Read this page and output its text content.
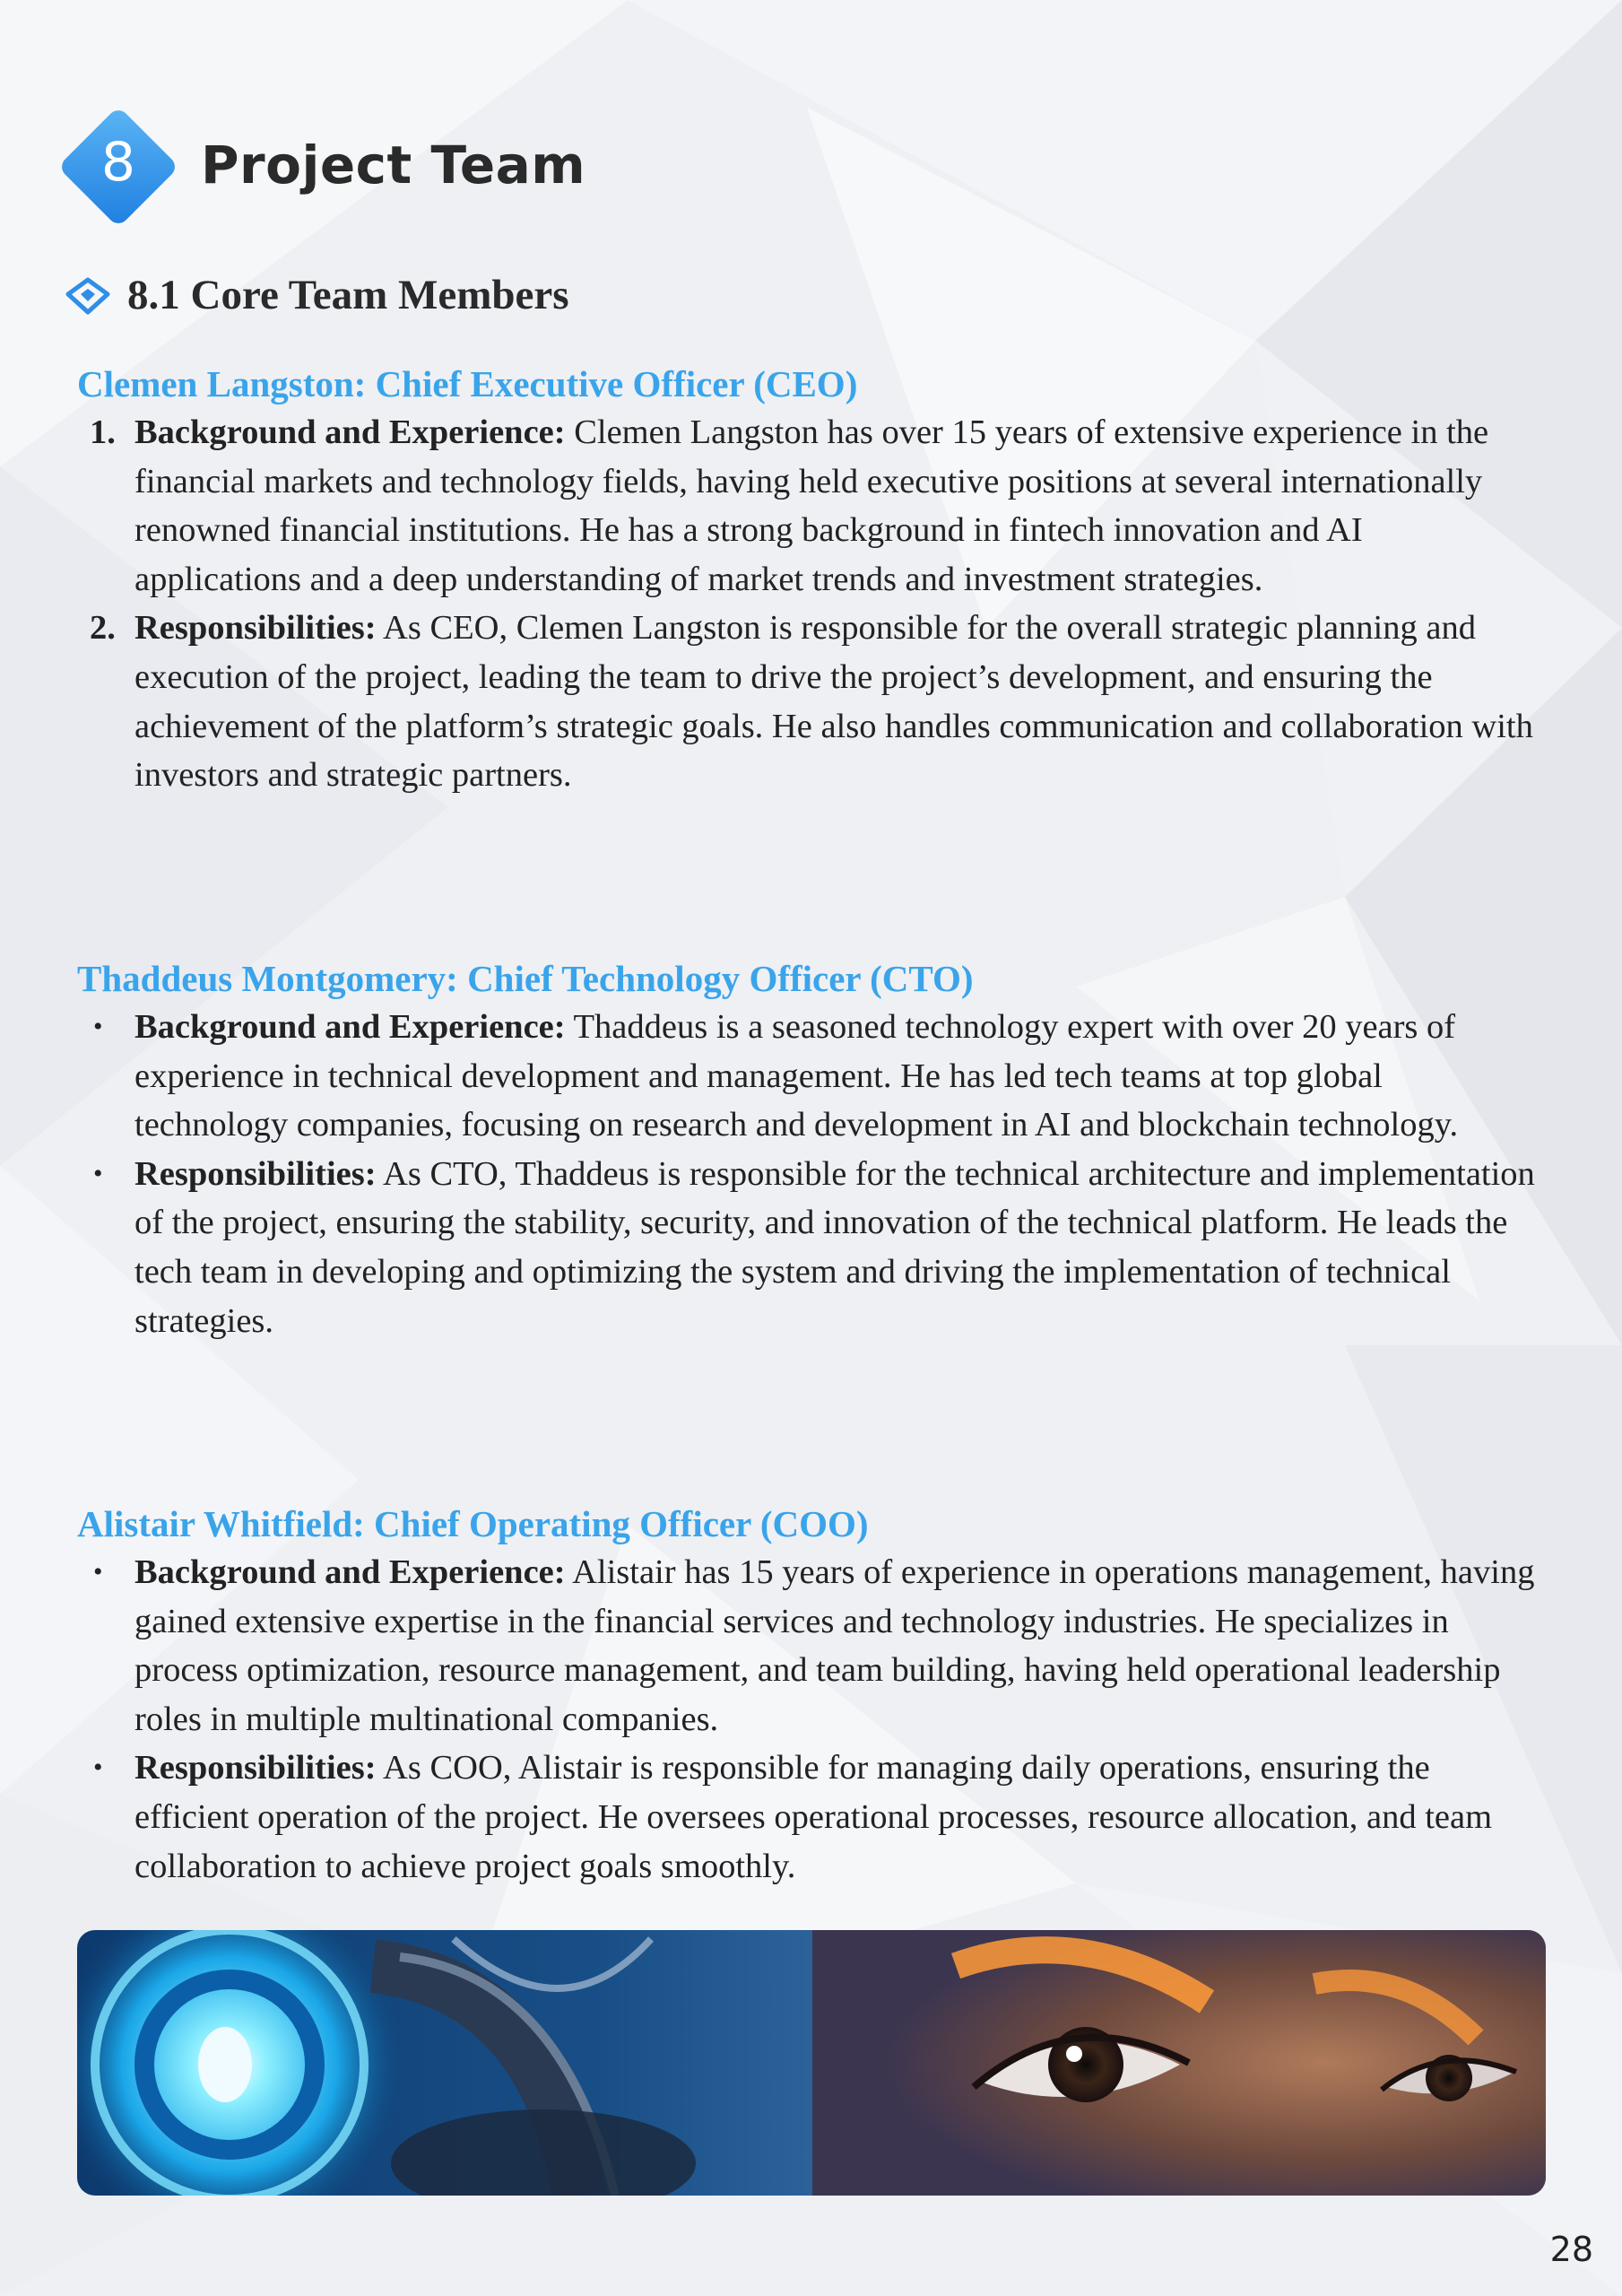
8	Project Team
8.1 Core Team Members
Clemen Langston: Chief Executive Officer (CEO)
1. Background and Experience: Clemen Langston has over 15 years of extensive experience in the financial markets and technology fields, having held executive positions at several internationally renowned financial institutions. He has a strong background in fintech innovation and AI applications and a deep understanding of market trends and investment strategies.
2. Responsibilities: As CEO, Clemen Langston is responsible for the overall strategic planning and execution of the project, leading the team to drive the project’s development, and ensuring the achievement of the platform’s strategic goals. He also handles communication and collaboration with investors and strategic partners.
Thaddeus Montgomery: Chief Technology Officer (CTO)
• Background and Experience: Thaddeus is a seasoned technology expert with over 20 years of experience in technical development and management. He has led tech teams at top global technology companies, focusing on research and development in AI and blockchain technology.
• Responsibilities: As CTO, Thaddeus is responsible for the technical architecture and implementation of the project, ensuring the stability, security, and innovation of the technical platform. He leads the tech team in developing and optimizing the system and driving the implementation of technical strategies.
Alistair Whitfield: Chief Operating Officer (COO)
• Background and Experience: Alistair has 15 years of experience in operations management, having gained extensive expertise in the financial services and technology industries. He specializes in process optimization, resource management, and team building, having held operational leadership roles in multiple multinational companies.
• Responsibilities: As COO, Alistair is responsible for managing daily operations, ensuring the efficient operation of the project. He oversees operational processes, resource allocation, and team collaboration to achieve project goals smoothly.
28
